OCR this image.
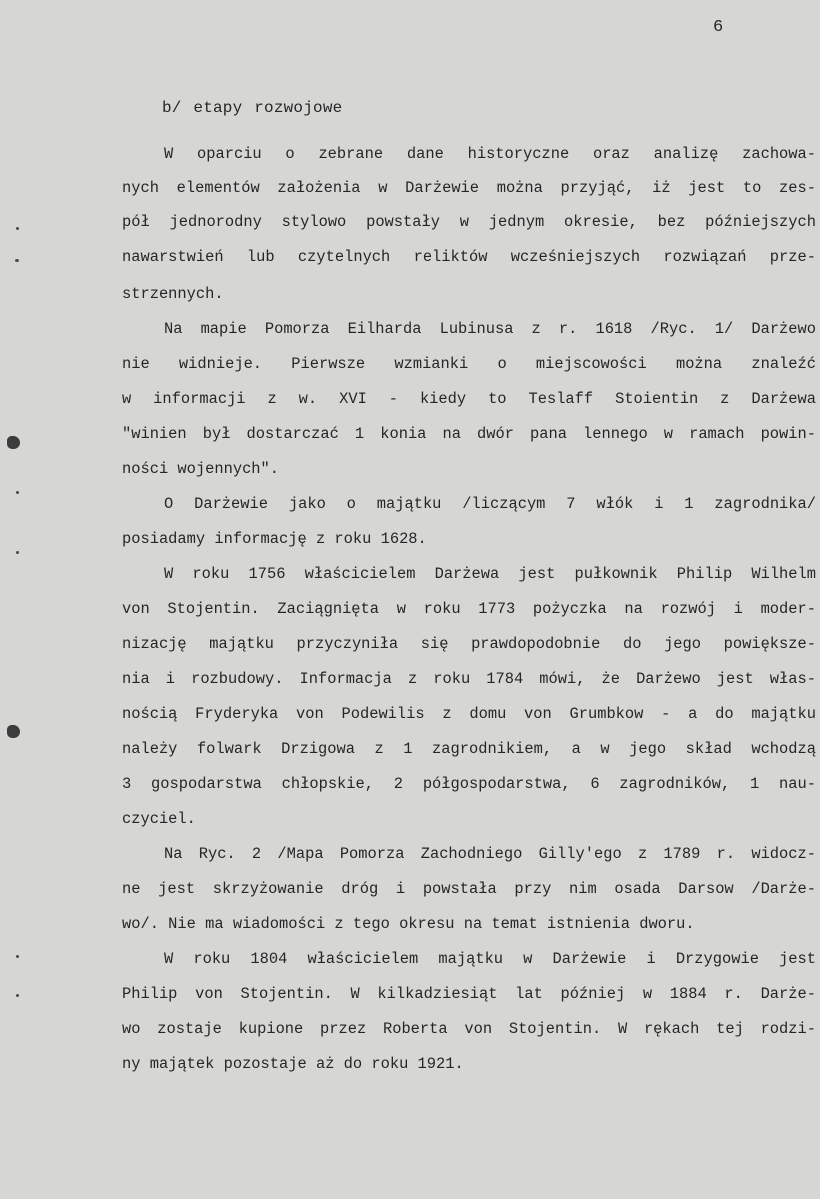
6
b/ etapy rozwojowe
W oparciu o zebrane dane historyczne oraz analizę zachowa-
nych elementów założenia w Darżewie można przyjąć, iż jest to zes-
pół jednorodny stylowo powstały w jednym okresie, bez późniejszych
nawarstwień lub czytelnych reliktów wcześniejszych rozwiązań prze-
strzennych.
Na mapie Pomorza Eilharda Lubinusa z r. 1618 /Ryc. 1/ Darżewo
nie widnieje. Pierwsze wzmianki o miejscowości można znaleźć
w informacji z w. XVI - kiedy to Teslaff Stoientin z Darżewa
"winien był dostarczać 1 konia na dwór pana lennego w ramach powin-
ności wojennych".
O Darżewie jako o majątku /liczącym 7 włók i 1 zagrodnika/
posiadamy informację z roku 1628.
W roku 1756 właścicielem Darżewa jest pułkownik Philip Wilhelm
von Stojentin. Zaciągnięta w roku 1773 pożyczka na rozwój i moder-
nizację majątku przyczyniła się prawdopodobnie do jego powiększe-
nia i rozbudowy. Informacja z roku 1784 mówi, że Darżewo jest włas-
nością Fryderyka von Podewilis z domu von Grumbkow - a do majątku
należy folwark Drzigowa z 1 zagrodnikiem, a w jego skład wchodzą
3 gospodarstwa chłopskie, 2 półgospodarstwa, 6 zagrodników, 1 nau-
czyciel.
Na Ryc. 2 /Mapa Pomorza Zachodniego Gilly'ego z 1789 r. widocz-
ne jest skrzyżowanie dróg i powstała przy nim osada Darsow /Darże-
wo/. Nie ma wiadomości z tego okresu na temat istnienia dworu.
W roku 1804 właścicielem majątku w Darżewie i Drzygowie jest
Philip von Stojentin. W kilkadziesiąt lat później w 1884 r. Darże-
wo zostaje kupione przez Roberta von Stojentin. W rękach tej rodzi-
ny majątek pozostaje aż do roku 1921.
